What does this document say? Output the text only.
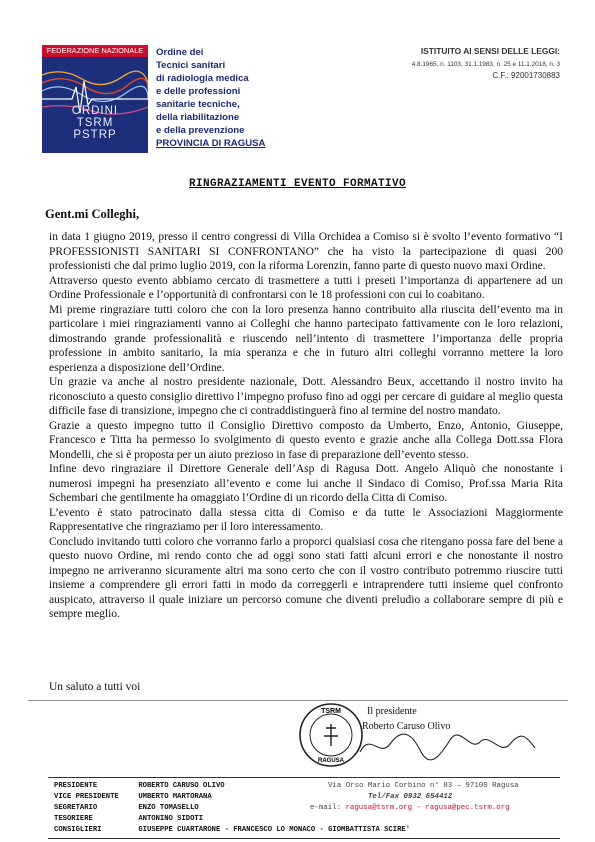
FEDERAZIONE NAZIONALE
ORDINI
TSRM
PSTRP
Ordine dei
Tecnici sanitari
di radiologia medica
e delle professioni
sanitarie tecniche,
della riabilitazione
e della prevenzione
PROVINCIA DI RAGUSA
ISTITUITO AI SENSI DELLE LEGGI:
4.8.1965, n. 1103, 31.1.1983, n. 25 e 11.1.2018, n. 3
C.F.: 92001730883
RINGRAZIAMENTI EVENTO FORMATIVO
Gent.mi Colleghi,

in data 1 giugno 2019, presso il centro congressi di Villa Orchidea a Comiso si è svolto l’evento formativo “I PROFESSIONISTI SANITARI SI CONFRONTANO” che ha visto la partecipazione di quasi 200 professionisti che dal primo luglio 2019, con la riforma Lorenzin, fanno parte di questo nuovo maxi Ordine.

Attraverso questo evento abbiamo cercato di trasmettere a tutti i preseti l’importanza di appartenere ad un Ordine Professionale e l’opportunità di confrontarsi con le 18 professioni con cui lo coabitano.

Mi preme ringraziare tutti coloro che con la loro presenza hanno contribuito alla riuscita dell’evento ma in particolare i miei ringraziamenti vanno ai Colleghi che hanno partecipato fattivamente con le loro relazioni, dimostrando grande professionalità e riuscendo nell’intento di trasmettere l’importanza delle propria professione in ambito sanitario, la mia speranza e che in futuro altri colleghi vorranno mettere la loro esperienza a disposizione dell’Ordine.

Un grazie va anche al nostro presidente nazionale, Dott. Alessandro Beux, accettando il nostro invito ha riconosciuto a questo consiglio direttivo l’impegno profuso fino ad oggi per cercare di guidare al meglio questa difficile fase di transizione, impegno che ci contraddistinguerà fino al termine del nostro mandato.

Grazie a questo impegno tutto il Consiglio Direttivo composto da Umberto, Enzo, Antonio, Giuseppe, Francesco e Titta ha permesso lo svolgimento di questo evento e grazie anche alla Collega Dott.ssa Flora Mondelli, che si è proposta per un aiuto prezioso in fase di preparazione dell’evento stesso.

Infine devo ringraziare il Direttore Generale dell’Asp di Ragusa Dott. Angelo Aliquò che nonostante i numerosi impegni ha presenziato all’evento e come lui anche il Sindaco di Comiso, Prof.ssa Maria Rita Schembari che gentilmente ha omaggiato l’Ordine di un ricordo della Citta di Comiso.

L’evento è stato patrocinato dalla stessa citta di Comiso e da tutte le Associazioni Maggiormente Rappresentative che ringraziamo per il loro interessamento.

Concludo invitando tutti coloro che vorranno farlo a proporci qualsiasi cosa che ritengano possa fare del bene a questo nuovo Ordine, mi rendo conto che ad oggi sono stati fatti alcuni errori e che nonostante il nostro impegno ne arriveranno sicuramente altri ma sono certo che con il vostro contributo potremmo riuscire tutti insieme a comprendere gli errori fatti in modo da correggerli e intraprendere tutti insieme quel confronto auspicato, attraverso il quale iniziare un percorso comune che diventi preludio a collaborare sempre di più e sempre meglio.

Un saluto a tutti voi
TSRM
RAGUSA
Il presidente
Roberto Caruso Olivo
PRESIDENTE	ROBERTO CARUSO OLIVO
VICE PRESIDENTE	UMBERTO MARTORANA
SEGRETARIO	ENZO TOMASELLO
TESORIERE	ANTONINO SIDOTI
CONSIGLIERI	GIUSEPPE CUARTARONE - FRANCESCO LO MONACO - GIOMBATTISTA SCIRE'
Via Orso Mario Corbino n° 83 – 97100 Ragusa
Tel/Fax 0932 654412
e-mail: ragusa@tsrm.org - ragusa@pec.tsrm.org
